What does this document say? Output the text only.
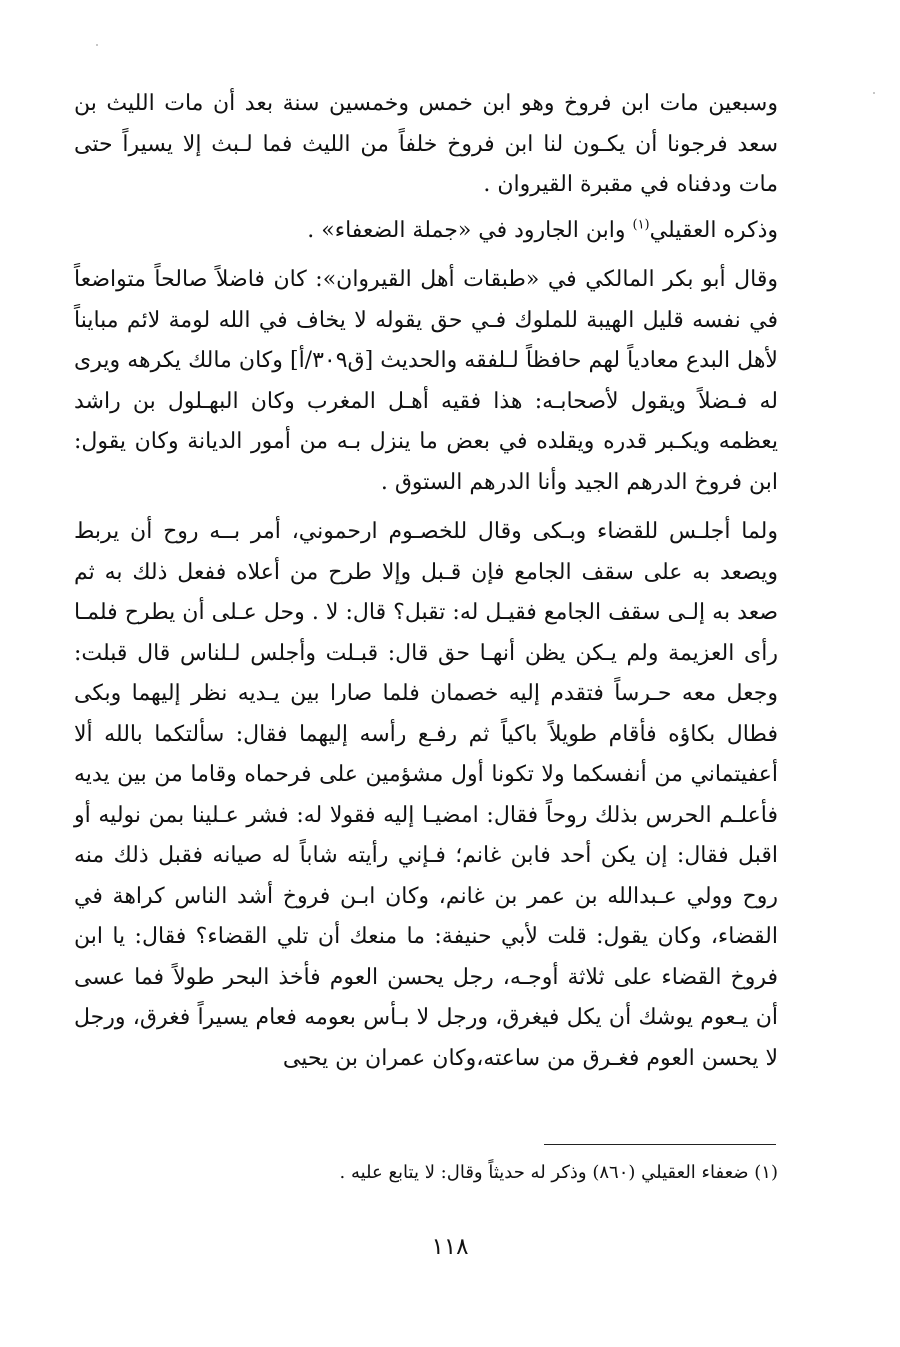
وسبعين مات ابن فروخ وهو ابن خمس وخمسين سنة بعد أن مات الليث بن سعد فرجونا أن يكـون لنا ابن فروخ خلفاً من الليث فما لـبث إلا يسيراً حتى مات ودفناه في مقبرة القيروان .

وذكره العقيلي$^{(١)}$ وابن الجارود في «جملة الضعفاء» .

وقال أبو بكر المالكي في «طبقات أهل القيروان»: كان فاضلاً صالحاً متواضعاً في نفسه قليل الهيبة للملوك فـي حق يقوله لا يخاف في الله لومة لائم مبايناً لأهل البدع معادياً لهم حافظاً لـلفقه والحديث [ق٣٠٩/أ] وكان مالك يكرهه ويرى له فـضلاً ويقول لأصحابـه: هذا فقيه أهـل المغرب وكان البهـلول بن راشد يعظمه ويكـبر قدره ويقلده في بعض ما ينزل بـه من أمور الديانة وكان يقول: ابن فروخ الدرهم الجيد وأنا الدرهم الستوق .

ولما أجلـس للقضاء وبـكى وقال للخصـوم ارحموني، أمر بــه روح أن يربط ويصعد به على سقف الجامع فإن قـبل وإلا طرح من أعلاه ففعل ذلك به ثم صعد به إلـى سقف الجامع فقيـل له: تقبل؟ قال: لا . وحل عـلى أن يطرح فلمـا رأى العزيمة ولم يـكن يظن أنهـا حق قال: قبـلت وأجلس لـلناس قال قبلت: وجعل معه حـرساً فتقدم إليه خصمان فلما صارا بين يـديه نظر إليهما وبكى فطال بكاؤه فأقام طويلاً باكياً ثم رفـع رأسه إليهما فقال: سألتكما بالله ألا أعفيتماني من أنفسكما ولا تكونا أول مشؤمين على فرحماه وقاما من بين يديه فأعلـم الحرس بذلك روحاً فقال: امضيـا إليه فقولا له: فشر عـلينا بمن نوليه أو اقبل فقال: إن يكن أحد فابن غانم؛ فـإني رأيته شاباً له صيانه فقبل ذلك منه روح وولي عـبدالله بن عمر بن غانم، وكان ابـن فروخ أشد الناس كراهة في القضاء، وكان يقول: قلت لأبي حنيفة: ما منعك أن تلي القضاء؟ فقال: يا ابن فروخ القضاء على ثلاثة أوجـه، رجل يحسن العوم فأخذ البحر طولاً فما عسى أن يـعوم يوشك أن يكل فيغرق، ورجل لا بـأس بعومه فعام يسيراً فغرق، ورجل لا يحسن العوم فغـرق من ساعته،وكان عمران بن يحيى

(١) ضعفاء العقيلي (٨٦٠) وذكر له حديثاً وقال: لا يتابع عليه .
١١٨
